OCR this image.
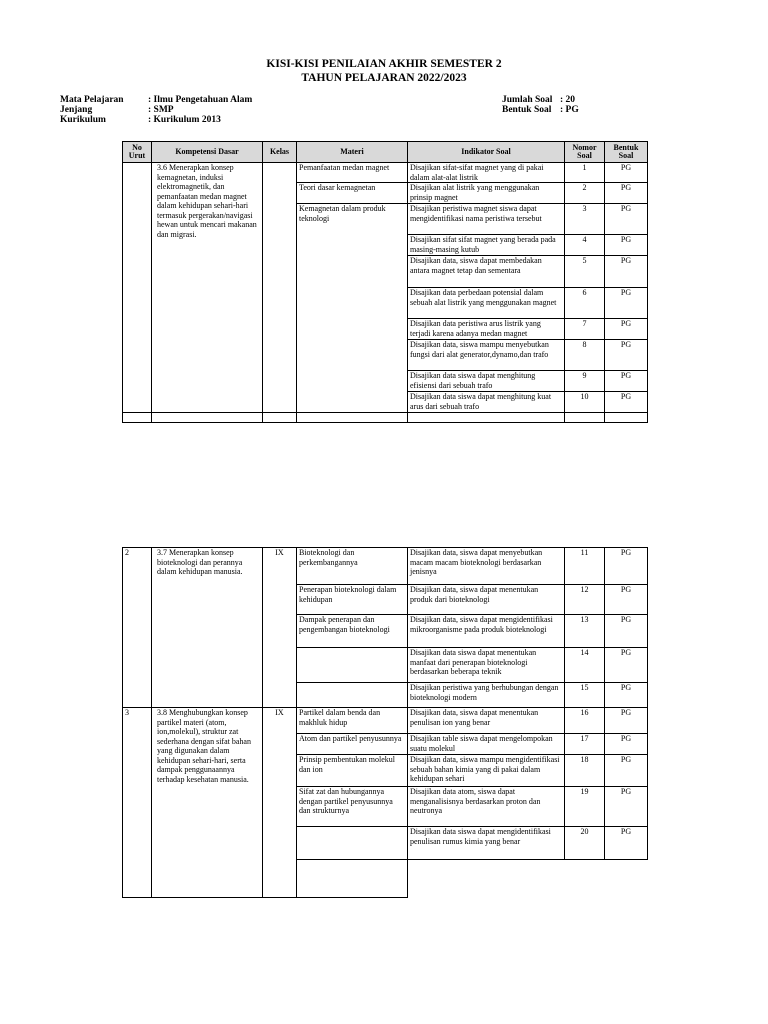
KISI-KISI PENILAIAN AKHIR SEMESTER 2
TAHUN PELAJARAN 2022/2023
Mata Pelajaran	: Ilmu Pengetahuan Alam
Jenjang	: SMP
Kurikulum	: Kurikulum 2013
Jumlah Soal : 20
Bentuk Soal : PG
No Urut	Kompetensi Dasar	Kelas	Materi	Indikator Soal	Nomor Soal	Bentuk Soal
	3.6 Menerapkan konsep kemagnetan, induksi elektromagnetik, dan pemanfaatan medan magnet dalam kehidupan sehari-hari termasuk pergerakan/navigasi hewan untuk mencari makanan dan migrasi.		Pemanfaatan medan magnet	Disajikan sifat-sifat magnet yang di pakai dalam alat-alat listrik	1	PG
			Teori dasar kemagnetan	Disajikan alat listrik yang menggunakan prinsip magnet	2	PG
			Kemagnetan dalam produk teknologi	Disajikan peristiwa magnet siswa dapat mengidentifikasi nama peristiwa tersebut	3	PG
				Disajikan sifat sifat magnet yang berada pada masing-masing kutub	4	PG
				Disajikan data, siswa dapat membedakan antara magnet tetap dan sementara	5	PG
				Disajikan data perbedaan potensial dalam sebuah alat listrik yang menggunakan magnet	6	PG
				Disajikan data peristiwa arus listrik yang terjadi karena adanya medan magnet	7	PG
				Disajikan data, siswa mampu menyebutkan fungsi dari alat generator,dynamo,dan trafo	8	PG
				Disajikan data siswa dapat menghitung efisiensi dari sebuah trafo	9	PG
				Disajikan data siswa dapat menghitung kuat arus dari sebuah trafo	10	PG

2	3.7 Menerapkan konsep bioteknologi dan perannya dalam kehidupan manusia.	IX	Bioteknologi dan perkembangannya	Disajikan data, siswa dapat menyebutkan macam macam bioteknologi berdasarkan jenisnya	11	PG
			Penerapan bioteknologi dalam kehidupan	Disajikan data, siswa dapat menentukan produk dari bioteknologi	12	PG
			Dampak penerapan dan pengembangan bioteknologi	Disajikan data, siswa dapat mengidentifikasi mikroorganisme pada produk bioteknologi	13	PG
				Disajikan data siswa dapat menentukan manfaat dari penerapan bioteknologi berdasarkan beberapa teknik	14	PG
				Disajikan peristiwa yang berhubungan dengan bioteknologi modern	15	PG
3	3.8 Menghubungkan konsep partikel materi (atom, ion,molekul), struktur zat sederhana dengan sifat bahan yang digunakan dalam kehidupan sehari-hari, serta dampak penggunaannya terhadap kesehatan manusia.	IX	Partikel dalam benda dan makhluk hidup	Disajikan data, siswa dapat menentukan penulisan ion yang benar	16	PG
			Atom dan partikel penyusunnya	Disajikan table siswa dapat mengelompokan suatu molekul	17	PG
			Prinsip pembentukan molekul dan ion	Disajikan data, siswa mampu mengidentifikasi sebuah bahan kimia yang di pakai dalam kehidupan sehari	18	PG
			Sifat zat dan hubungannya dengan partikel penyusunnya dan strukturnya	Disajikan data atom, siswa dapat menganalisisnya berdasarkan proton dan neutronya	19	PG
				Disajikan data siswa dapat mengidentifikasi penulisan rumus kimia yang benar	20	PG
